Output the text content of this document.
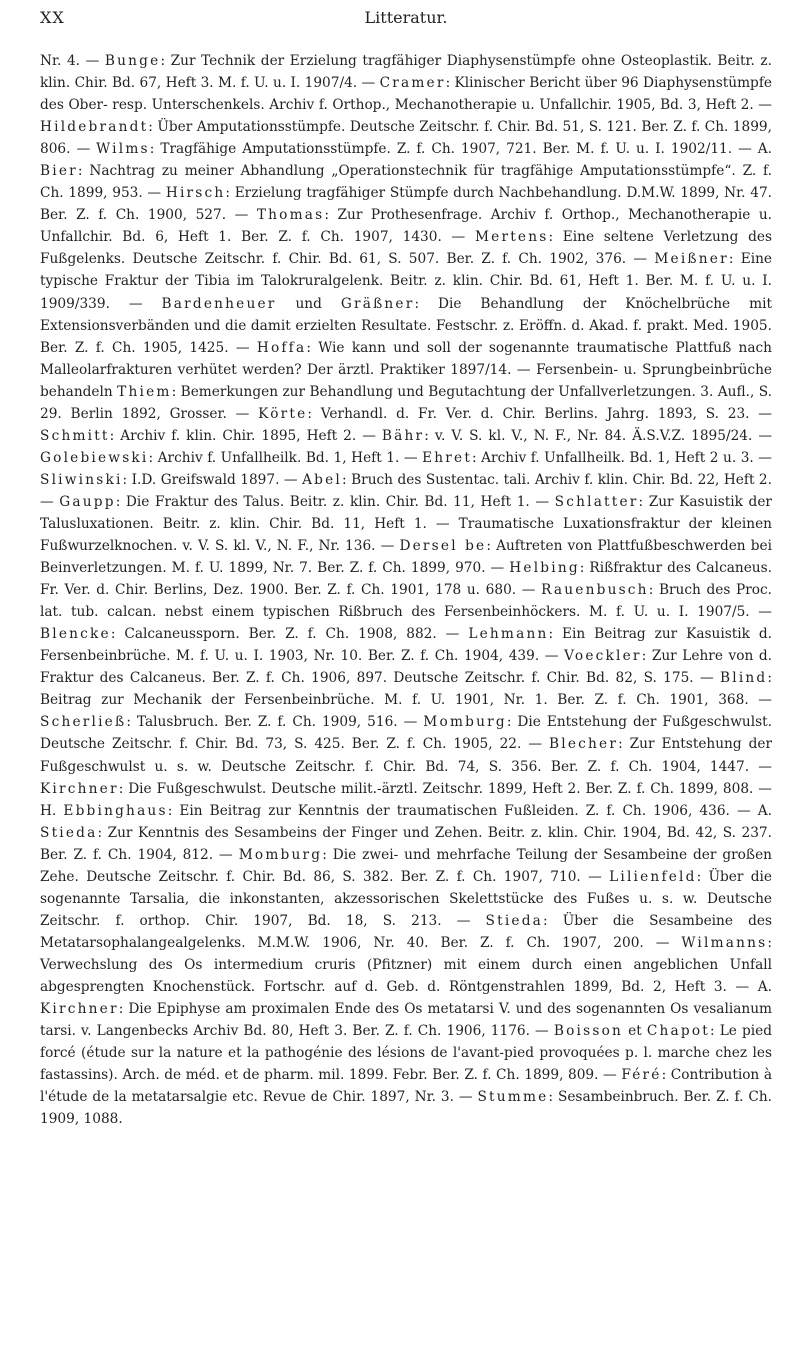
XX	Litteratur.

Nr. 4. — Bunge: Zur Technik der Erzielung tragfähiger Diaphysenstümpfe ohne Osteoplastik. Beitr. z. klin. Chir. Bd. 67, Heft 3. M. f. U. u. I. 1907/4. — Cramer: Klinischer Bericht über 96 Diaphysenstümpfe des Ober- resp. Unterschenkels. Archiv f. Orthop., Mechanotherapie u. Unfallchir. 1905, Bd. 3, Heft 2. — Hildebrandt: Über Amputationsstümpfe. Deutsche Zeitschr. f. Chir. Bd. 51, S. 121. Ber. Z. f. Ch. 1899, 806. — Wilms: Tragfähige Amputationsstümpfe. Z. f. Ch. 1907, 721. Ber. M. f. U. u. I. 1902/11. — A. Bier: Nachtrag zu meiner Abhandlung „Operationstechnik für tragfähige Amputationsstümpfe“. Z. f. Ch. 1899, 953. — Hirsch: Erzielung tragfähiger Stümpfe durch Nachbehandlung. D.M.W. 1899, Nr. 47. Ber. Z. f. Ch. 1900, 527. — Thomas: Zur Prothesenfrage. Archiv f. Orthop., Mechanotherapie u. Unfallchir. Bd. 6, Heft 1. Ber. Z. f. Ch. 1907, 1430. — Mertens: Eine seltene Verletzung des Fußgelenks. Deutsche Zeitschr. f. Chir. Bd. 61, S. 507. Ber. Z. f. Ch. 1902, 376. — Meißner: Eine typische Fraktur der Tibia im Talokruralgelenk. Beitr. z. klin. Chir. Bd. 61, Heft 1. Ber. M. f. U. u. I. 1909/339. — Bardenheuer und Gräßner: Die Behandlung der Knöchelbrüche mit Extensionsverbänden und die damit erzielten Resultate. Festschr. z. Eröffn. d. Akad. f. prakt. Med. 1905. Ber. Z. f. Ch. 1905, 1425. — Hoffa: Wie kann und soll der sogenannte traumatische Plattfuß nach Malleolarfrakturen verhütet werden? Der ärztl. Praktiker 1897/14. — Fersenbein- u. Sprungbeinbrüche behandeln Thiem: Bemerkungen zur Behandlung und Begutachtung der Unfallverletzungen. 3. Aufl., S. 29. Berlin 1892, Grosser. — Körte: Verhandl. d. Fr. Ver. d. Chir. Berlins. Jahrg. 1893, S. 23. — Schmitt: Archiv f. klin. Chir. 1895, Heft 2. — Bähr: v. V. S. kl. V., N. F., Nr. 84. Ä.S.V.Z. 1895/24. — Golebiewski: Archiv f. Unfallheilk. Bd. 1, Heft 1. — Ehret: Archiv f. Unfallheilk. Bd. 1, Heft 2 u. 3. — Sliwinski: I.D. Greifswald 1897. — Abel: Bruch des Sustentac. tali. Archiv f. klin. Chir. Bd. 22, Heft 2. — Gaupp: Die Fraktur des Talus. Beitr. z. klin. Chir. Bd. 11, Heft 1. — Schlatter: Zur Kasuistik der Talusluxationen. Beitr. z. klin. Chir. Bd. 11, Heft 1. — Traumatische Luxationsfraktur der kleinen Fußwurzelknochen. v. V. S. kl. V., N. F., Nr. 136. — Dersel be: Auftreten von Plattfußbeschwerden bei Beinverletzungen. M. f. U. 1899, Nr. 7. Ber. Z. f. Ch. 1899, 970. — Helbing: Rißfraktur des Calcaneus. Fr. Ver. d. Chir. Berlins, Dez. 1900. Ber. Z. f. Ch. 1901, 178 u. 680. — Rauenbusch: Bruch des Proc. lat. tub. calcan. nebst einem typischen Rißbruch des Fersenbeinhöckers. M. f. U. u. I. 1907/5. — Blencke: Calcaneussporn. Ber. Z. f. Ch. 1908, 882. — Lehmann: Ein Beitrag zur Kasuistik d. Fersenbeinbrüche. M. f. U. u. I. 1903, Nr. 10. Ber. Z. f. Ch. 1904, 439. — Voeckler: Zur Lehre von d. Fraktur des Calcaneus. Ber. Z. f. Ch. 1906, 897. Deutsche Zeitschr. f. Chir. Bd. 82, S. 175. — Blind: Beitrag zur Mechanik der Fersenbeinbrüche. M. f. U. 1901, Nr. 1. Ber. Z. f. Ch. 1901, 368. — Scherließ: Talusbruch. Ber. Z. f. Ch. 1909, 516. — Momburg: Die Entstehung der Fußgeschwulst. Deutsche Zeitschr. f. Chir. Bd. 73, S. 425. Ber. Z. f. Ch. 1905, 22. — Blecher: Zur Entstehung der Fußgeschwulst u. s. w. Deutsche Zeitschr. f. Chir. Bd. 74, S. 356. Ber. Z. f. Ch. 1904, 1447. — Kirchner: Die Fußgeschwulst. Deutsche milit.-ärztl. Zeitschr. 1899, Heft 2. Ber. Z. f. Ch. 1899, 808. — H. Ebbinghaus: Ein Beitrag zur Kenntnis der traumatischen Fußleiden. Z. f. Ch. 1906, 436. — A. Stieda: Zur Kenntnis des Sesambeins der Finger und Zehen. Beitr. z. klin. Chir. 1904, Bd. 42, S. 237. Ber. Z. f. Ch. 1904, 812. — Momburg: Die zwei- und mehrfache Teilung der Sesambeine der großen Zehe. Deutsche Zeitschr. f. Chir. Bd. 86, S. 382. Ber. Z. f. Ch. 1907, 710. — Lilienfeld: Über die sogenannte Tarsalia, die inkonstanten, akzessorischen Skelettstücke des Fußes u. s. w. Deutsche Zeitschr. f. orthop. Chir. 1907, Bd. 18, S. 213. — Stieda: Über die Sesambeine des Metatarsophalangealgelenks. M.M.W. 1906, Nr. 40. Ber. Z. f. Ch. 1907, 200. — Wilmanns: Verwechslung des Os intermedium cruris (Pfitzner) mit einem durch einen angeblichen Unfall abgesprengten Knochenstück. Fortschr. auf d. Geb. d. Röntgenstrahlen 1899, Bd. 2, Heft 3. — A. Kirchner: Die Epiphyse am proximalen Ende des Os metatarsi V. und des sogenannten Os vesalianum tarsi. v. Langenbecks Archiv Bd. 80, Heft 3. Ber. Z. f. Ch. 1906, 1176. — Boisson et Chapot: Le pied forcé (étude sur la nature et la pathogénie des lésions de l'avant-pied provoquées p. l. marche chez les fastassins). Arch. de méd. et de pharm. mil. 1899. Febr. Ber. Z. f. Ch. 1899, 809. — Féré: Contribution à l'étude de la metatarsalgie etc. Revue de Chir. 1897, Nr. 3. — Stumme: Sesambeinbruch. Ber. Z. f. Ch. 1909, 1088.
